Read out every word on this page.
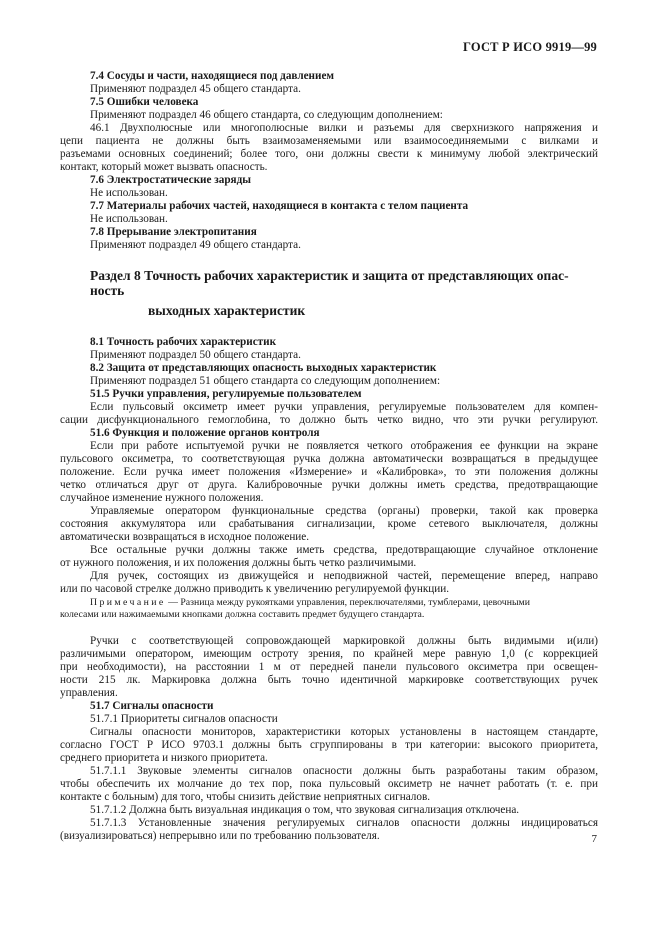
ГОСТ Р ИСО 9919—99
7.4 Сосуды и части, находящиеся под давлением
Применяют подраздел 45 общего стандарта.
7.5 Ошибки человека
Применяют подраздел 46 общего стандарта, со следующим дополнением:
46.1 Двухполюсные или многополюсные вилки и разъемы для сверхнизкого напряжения и
цепи пациента не должны быть взаимозаменяемыми или взаимосоединяемыми с вилками и
разъемами основных соединений; более того, они должны свести к минимуму любой электрический
контакт, который может вызвать опасность.
7.6 Электростатические заряды
Не использован.
7.7 Материалы рабочих частей, находящиеся в контакта с телом пациента
Не использован.
7.8 Прерывание электропитания
Применяют подраздел 49 общего стандарта.
Раздел 8 Точность рабочих характеристик и защита от представляющих опас-
ность
выходных характеристик
8.1 Точность рабочих характеристик
Применяют подраздел 50 общего стандарта.
8.2 Защита от представляющих опасность выходных характеристик
Применяют подраздел 51 общего стандарта со следующим дополнением:
51.5 Ручки управления, регулируемые пользователем
Если пульсовый оксиметр имеет ручки управления, регулируемые пользователем для компен-
сации дисфункционального гемоглобина, то должно быть четко видно, что эти ручки регулируют.
51.6 Функция и положение органов контроля
Если при работе испытуемой ручки не появляется четкого отображения ее функции на экране
пульсового оксиметра, то соответствующая ручка должна автоматически возвращаться в предыдущее
положение. Если ручка имеет положения «Измерение» и «Калибровка», то эти положения должны
четко отличаться друг от друга. Калибровочные ручки должны иметь средства, предотвращающие
случайное изменение нужного положения.
Управляемые оператором функциональные средства (органы) проверки, такой как проверка
состояния аккумулятора или срабатывания сигнализации, кроме сетевого выключателя, должны
автоматически возвращаться в исходное положение.
Все остальные ручки должны также иметь средства, предотвращающие случайное отклонение
от нужного положения, и их положения должны быть четко различимыми.
Для ручек, состоящих из движущейся и неподвижной частей, перемещение вперед, направо
или по часовой стрелке должно приводить к увеличению регулируемой функции.
Примечание — Разница между рукоятками управления, переключателями, тумблерами, цевочными
колесами или нажимаемыми кнопками должна составить предмет будущего стандарта.
Ручки с соответствующей сопровождающей маркировкой должны быть видимыми и(или)
различимыми оператором, имеющим остроту зрения, по крайней мере равную 1,0 (с коррекцией
при необходимости), на расстоянии 1 м от передней панели пульсового оксиметра при освещен-
ности 215 лк. Маркировка должна быть точно идентичной маркировке соответствующих ручек
управления.
51.7 Сигналы опасности
51.7.1 Приоритеты сигналов опасности
Сигналы опасности мониторов, характеристики которых установлены в настоящем стандарте,
согласно ГОСТ Р ИСО 9703.1 должны быть сгруппированы в три категории: высокого приоритета,
среднего приоритета и низкого приоритета.
51.7.1.1 Звуковые элементы сигналов опасности должны быть разработаны таким образом,
чтобы обеспечить их молчание до тех пор, пока пульсовый оксиметр не начнет работать (т. е. при
контакте с больным) для того, чтобы снизить действие неприятных сигналов.
51.7.1.2 Должна быть визуальная индикация о том, что звуковая сигнализация отключена.
51.7.1.3 Установленные значения регулируемых сигналов опасности должны индицироваться
(визуализироваться) непрерывно или по требованию пользователя.	7
